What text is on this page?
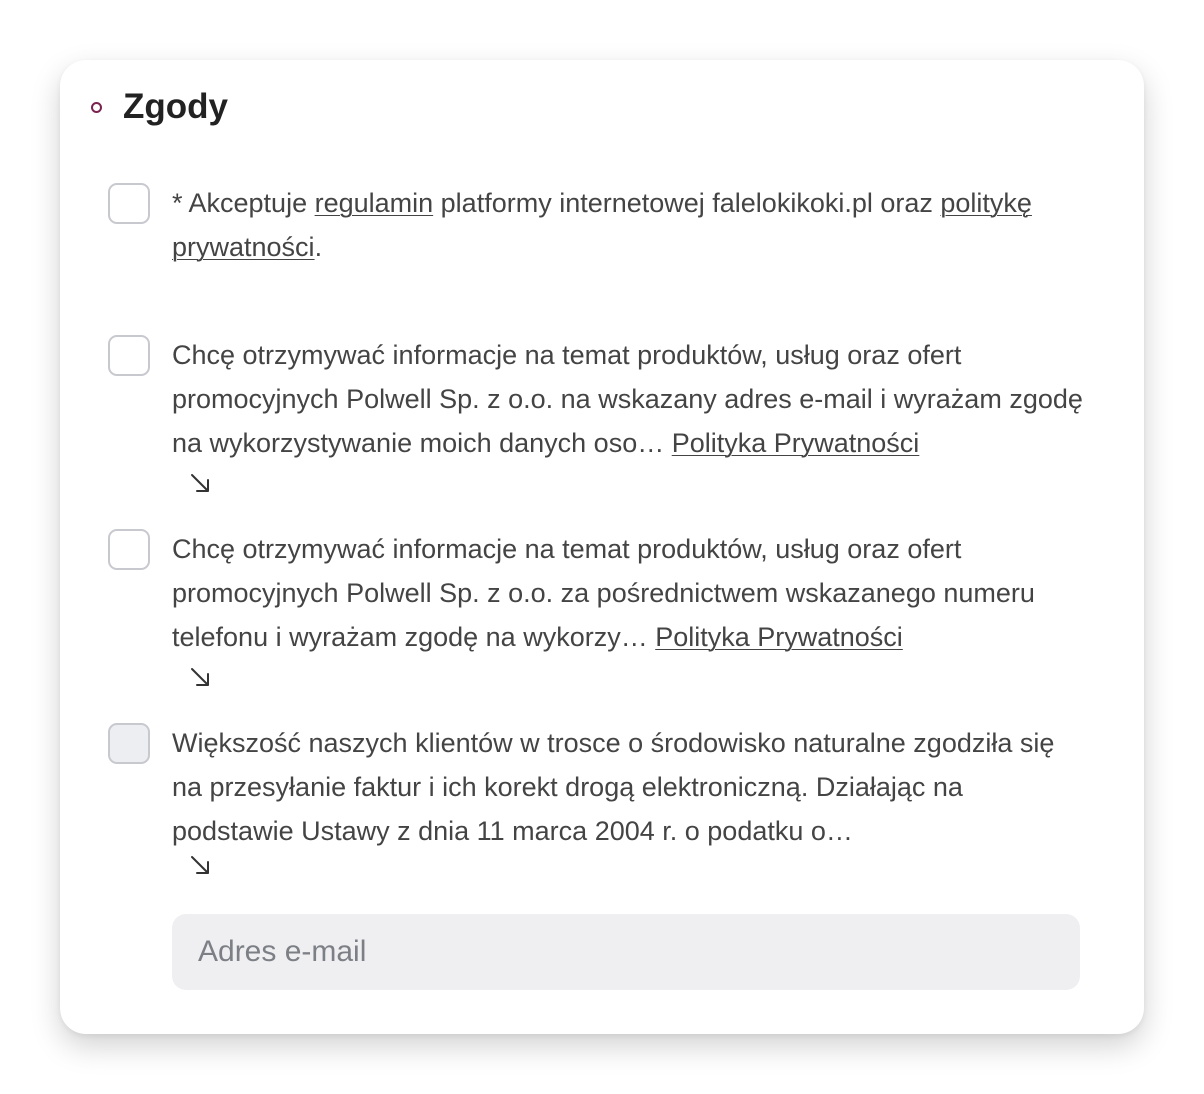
Zgody
* Akceptuje regulamin platformy internetowej falelokikoki.pl oraz politykę prywatności.
Chcę otrzymywać informacje na temat produktów, usług oraz ofert promocyjnych Polwell Sp. z o.o. na wskazany adres e-mail i wyrażam zgodę na wykorzystywanie moich danych oso… Polityka Prywatności
Chcę otrzymywać informacje na temat produktów, usług oraz ofert promocyjnych Polwell Sp. z o.o. za pośrednictwem wskazanego numeru telefonu i wyrażam zgodę na wykorzy… Polityka Prywatności
Większość naszych klientów w trosce o środowisko naturalne zgodziła się na przesyłanie faktur i ich korekt drogą elektroniczną. Działając na podstawie Ustawy z dnia 11 marca 2004 r. o podatku o…
Adres e-mail
